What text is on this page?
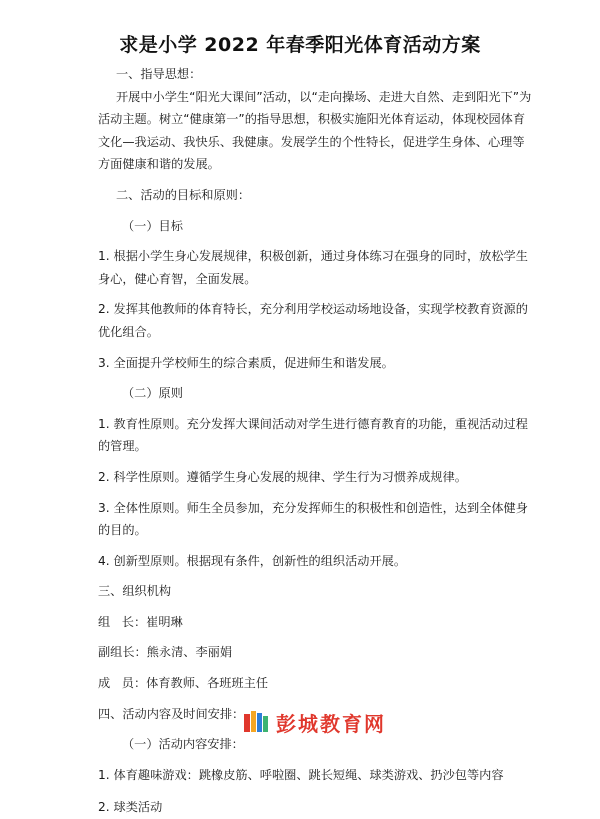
求是小学 2022 年春季阳光体育活动方案

一、指导思想：

开展中小学生“阳光大课间”活动，以“走向操场、走进大自然、走到阳光下”为活动主题。树立“健康第一”的指导思想，积极实施阳光体育运动，体现校园体育文化—我运动、我快乐、我健康。发展学生的个性特长，促进学生身体、心理等方面健康和谐的发展。

二、活动的目标和原则：

（一）目标

1. 根据小学生身心发展规律，积极创新，通过身体练习在强身的同时，放松学生身心，健心育智，全面发展。

2. 发挥其他教师的体育特长，充分利用学校运动场地设备，实现学校教育资源的优化组合。

3. 全面提升学校师生的综合素质，促进师生和谐发展。

（二）原则

1. 教育性原则。充分发挥大课间活动对学生进行德育教育的功能，重视活动过程的管理。

2. 科学性原则。遵循学生身心发展的规律、学生行为习惯养成规律。

3. 全体性原则。师生全员参加，充分发挥师生的积极性和创造性，达到全体健身的目的。

4. 创新型原则。根据现有条件，创新性的组织活动开展。

三、组织机构

组   长：崔明琳

副组长：熊永清、李丽娟

成   员：体育教师、各班班主任

四、活动内容及时间安排：

（一）活动内容安排：

1. 体育趣味游戏：跳橡皮筋、呼啦圈、跳长短绳、球类游戏、扔沙包等内容

2. 球类活动

彭城教育网
